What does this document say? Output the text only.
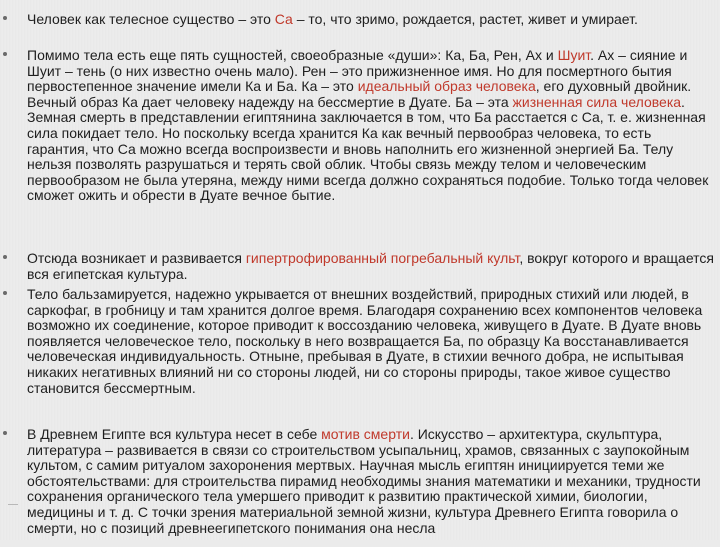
Человек как телесное существо – это Са – то, что зримо, рождается, растет, живет и умирает.
Помимо тела есть еще пять сущностей, своеобразные «души»: Ка, Ба, Рен, Ах и Шуит. Ах – сияние и Шуит – тень (о них известно очень мало). Рен – это прижизненное имя. Но для посмертного бытия первостепенное значение имели Ка и Ба. Ка – это идеальный образ человека, его духовный двойник. Вечный образ Ка дает человеку надежду на бессмертие в Дуате. Ба – эта жизненная сила человека. Земная смерть в представлении египтянина заключается в том, что Ба расстается с Са, т. е. жизненная сила покидает тело. Но поскольку всегда хранится Ка как вечный первообраз человека, то есть гарантия, что Са можно всегда воспроизвести и вновь наполнить его жизненной энергией Ба. Телу нельзя позволять разрушаться и терять свой облик. Чтобы связь между телом и человеческим первообразом не была утеряна, между ними всегда должно сохраняться подобие. Только тогда человек сможет ожить и обрести в Дуате вечное бытие.
Отсюда возникает и развивается гипертрофированный погребальный культ, вокруг которого и вращается вся египетская культура.
Тело бальзамируется, надежно укрывается от внешних воздействий, природных стихий или людей, в саркофаг, в гробницу и там хранится долгое время. Благодаря сохранению всех компонентов человека возможно их соединение, которое приводит к воссозданию человека, живущего в Дуате. В Дуате вновь появляется человеческое тело, поскольку в него возвращается Ба, по образцу Ка восстанавливается человеческая индивидуальность. Отныне, пребывая в Дуате, в стихии вечного добра, не испытывая никаких негативных влияний ни со стороны людей, ни со стороны природы, такое живое существо становится бессмертным.
В Древнем Египте вся культура несет в себе мотив смерти. Искусство – архитектура, скульптура, литература – развивается в связи со строительством усыпальниц, храмов, связанных с заупокойным культом, с самим ритуалом захоронения мертвых. Научная мысль египтян инициируется теми же обстоятельствами: для строительства пирамид необходимы знания математики и механики, трудности сохранения органического тела умершего приводит к развитию практической химии, биологии, медицины и т. д. С точки зрения материальной земной жизни, культура Древнего Египта говорила о смерти, но с позиций древнеегипетского понимания она несла
